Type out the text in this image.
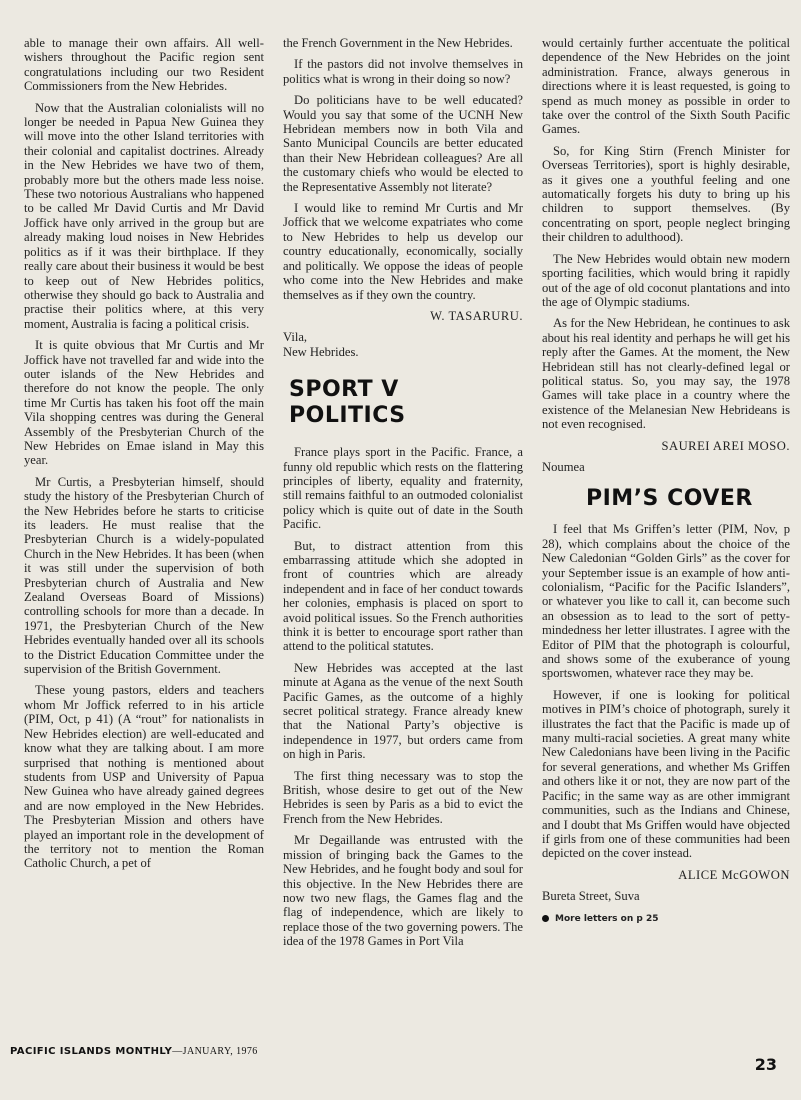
able to manage their own affairs. All well-wishers throughout the Pacific region sent congratulations including our two Resident Commissioners from the New Hebrides.

Now that the Australian colonialists will no longer be needed in Papua New Guinea they will move into the other Island territories with their colonial and capitalist doctrines. Already in the New Hebrides we have two of them, probably more but the others made less noise. These two notorious Australians who happened to be called Mr David Curtis and Mr David Joffick have only arrived in the group but are already making loud noises in New Hebrides politics as if it was their birthplace. If they really care about their business it would be best to keep out of New Hebrides politics, otherwise they should go back to Australia and practise their politics where, at this very moment, Australia is facing a political crisis.

It is quite obvious that Mr Curtis and Mr Joffick have not travelled far and wide into the outer islands of the New Hebrides and therefore do not know the people. The only time Mr Curtis has taken his foot off the main Vila shopping centres was during the General Assembly of the Presbyterian Church of the New Hebrides on Emae island in May this year.

Mr Curtis, a Presbyterian himself, should study the history of the Presbyterian Church of the New Hebrides before he starts to criticise its leaders. He must realise that the Presbyterian Church is a widely-populated Church in the New Hebrides. It has been (when it was still under the supervision of both Presbyterian church of Australia and New Zealand Overseas Board of Missions) controlling schools for more than a decade. In 1971, the Presbyterian Church of the New Hebrides eventually handed over all its schools to the District Education Committee under the supervision of the British Government.

These young pastors, elders and teachers whom Mr Joffick referred to in his article (PIM, Oct, p 41) (A “rout” for nationalists in New Hebrides election) are well-educated and know what they are talking about. I am more surprised that nothing is mentioned about students from USP and University of Papua New Guinea who have already gained degrees and are now employed in the New Hebrides. The Presbyterian Mission and others have played an important role in the development of the territory not to mention the Roman Catholic Church, a pet of

the French Government in the New Hebrides.

If the pastors did not involve themselves in politics what is wrong in their doing so now?

Do politicians have to be well educated? Would you say that some of the UCNH New Hebridean members now in both Vila and Santo Municipal Councils are better educated than their New Hebridean colleagues? Are all the customary chiefs who would be elected to the Representative Assembly not literate?

I would like to remind Mr Curtis and Mr Joffick that we welcome expatriates who come to New Hebrides to help us develop our country educationally, economically, socially and politically. We oppose the ideas of people who come into the New Hebrides and make themselves as if they own the country.

W. TASARURU.

Vila,
New Hebrides.
SPORT V POLITICS

France plays sport in the Pacific. France, a funny old republic which rests on the flattering principles of liberty, equality and fraternity, still remains faithful to an outmoded colonialist policy which is quite out of date in the South Pacific.

But, to distract attention from this embarrassing attitude which she adopted in front of countries which are already independent and in face of her conduct towards her colonies, emphasis is placed on sport to avoid political issues. So the French authorities think it is better to encourage sport rather than attend to the political statutes.

New Hebrides was accepted at the last minute at Agana as the venue of the next South Pacific Games, as the outcome of a highly secret political strategy. France already knew that the National Party’s objective is independence in 1977, but orders came from on high in Paris.

The first thing necessary was to stop the British, whose desire to get out of the New Hebrides is seen by Paris as a bid to evict the French from the New Hebrides.

Mr Degaillande was entrusted with the mission of bringing back the Games to the New Hebrides, and he fought body and soul for this objective. In the New Hebrides there are now two new flags, the Games flag and the flag of independence, which are likely to replace those of the two governing powers. The idea of the 1978 Games in Port Vila

would certainly further accentuate the political dependence of the New Hebrides on the joint administration. France, always generous in directions where it is least requested, is going to spend as much money as possible in order to take over the control of the Sixth South Pacific Games.

So, for King Stirn (French Minister for Overseas Territories), sport is highly desirable, as it gives one a youthful feeling and one automatically forgets his duty to bring up his children to support themselves. (By concentrating on sport, people neglect bringing their children to adulthood).

The New Hebrides would obtain new modern sporting facilities, which would bring it rapidly out of the age of old coconut plantations and into the age of Olympic stadiums.

As for the New Hebridean, he continues to ask about his real identity and perhaps he will get his reply after the Games. At the moment, the New Hebridean still has not clearly-defined legal or political status. So, you may say, the 1978 Games will take place in a country where the existence of the Melanesian New Hebrideans is not even recognised.

SAUREI AREI MOSO.

Noumea
PIM’S COVER

I feel that Ms Griffen’s letter (PIM, Nov, p 28), which complains about the choice of the New Caledonian “Golden Girls” as the cover for your September issue is an example of how anti-colonialism, “Pacific for the Pacific Islanders”, or whatever you like to call it, can become such an obsession as to lead to the sort of petty-mindedness her letter illustrates. I agree with the Editor of PIM that the photograph is colourful, and shows some of the exuberance of young sportswomen, whatever race they may be.

However, if one is looking for political motives in PIM’s choice of photograph, surely it illustrates the fact that the Pacific is made up of many multi-racial societies. A great many white New Caledonians have been living in the Pacific for several generations, and whether Ms Griffen and others like it or not, they are now part of the Pacific; in the same way as are other immigrant communities, such as the Indians and Chinese, and I doubt that Ms Griffen would have objected if girls from one of these communities had been depicted on the cover instead.

ALICE McGOWON

Bureta Street, Suva
More letters on p 25
PACIFIC ISLANDS MONTHLY—JANUARY, 1976
23
